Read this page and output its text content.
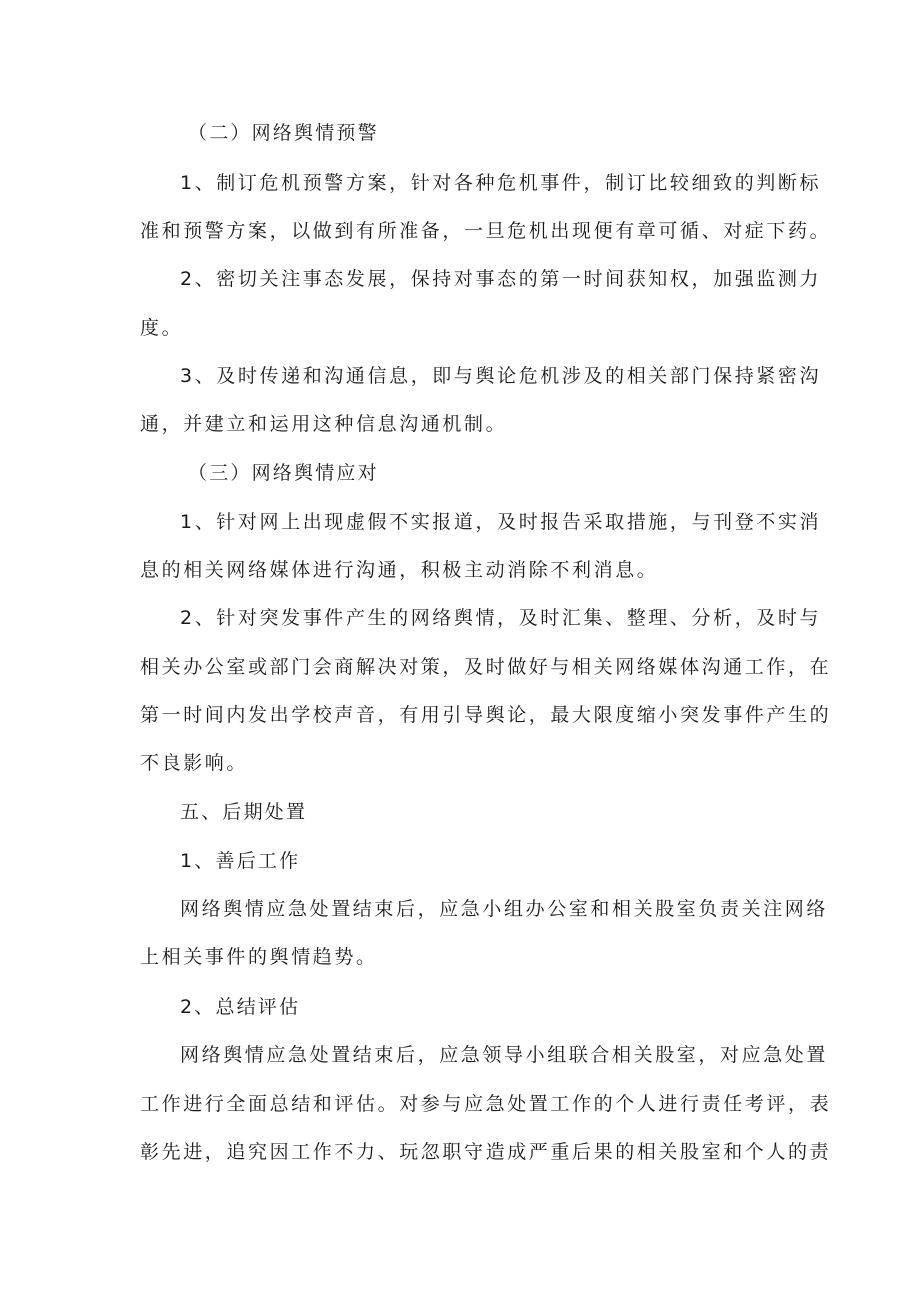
（二）网络舆情预警
1、制订危机预警方案，针对各种危机事件，制订比较细致的判断标
准和预警方案，以做到有所准备，一旦危机出现便有章可循、对症下药。
2、密切关注事态发展，保持对事态的第一时间获知权，加强监测力
度。
3、及时传递和沟通信息，即与舆论危机涉及的相关部门保持紧密沟
通，并建立和运用这种信息沟通机制。
（三）网络舆情应对
1、针对网上出现虚假不实报道，及时报告采取措施，与刊登不实消
息的相关网络媒体进行沟通，积极主动消除不利消息。
2、针对突发事件产生的网络舆情，及时汇集、整理、分析，及时与
相关办公室或部门会商解决对策，及时做好与相关网络媒体沟通工作，在
第一时间内发出学校声音，有用引导舆论，最大限度缩小突发事件产生的
不良影响。
五、后期处置
1、善后工作
网络舆情应急处置结束后，应急小组办公室和相关股室负责关注网络
上相关事件的舆情趋势。
2、总结评估
网络舆情应急处置结束后，应急领导小组联合相关股室，对应急处置
工作进行全面总结和评估。对参与应急处置工作的个人进行责任考评，表
彰先进，追究因工作不力、玩忽职守造成严重后果的相关股室和个人的责
